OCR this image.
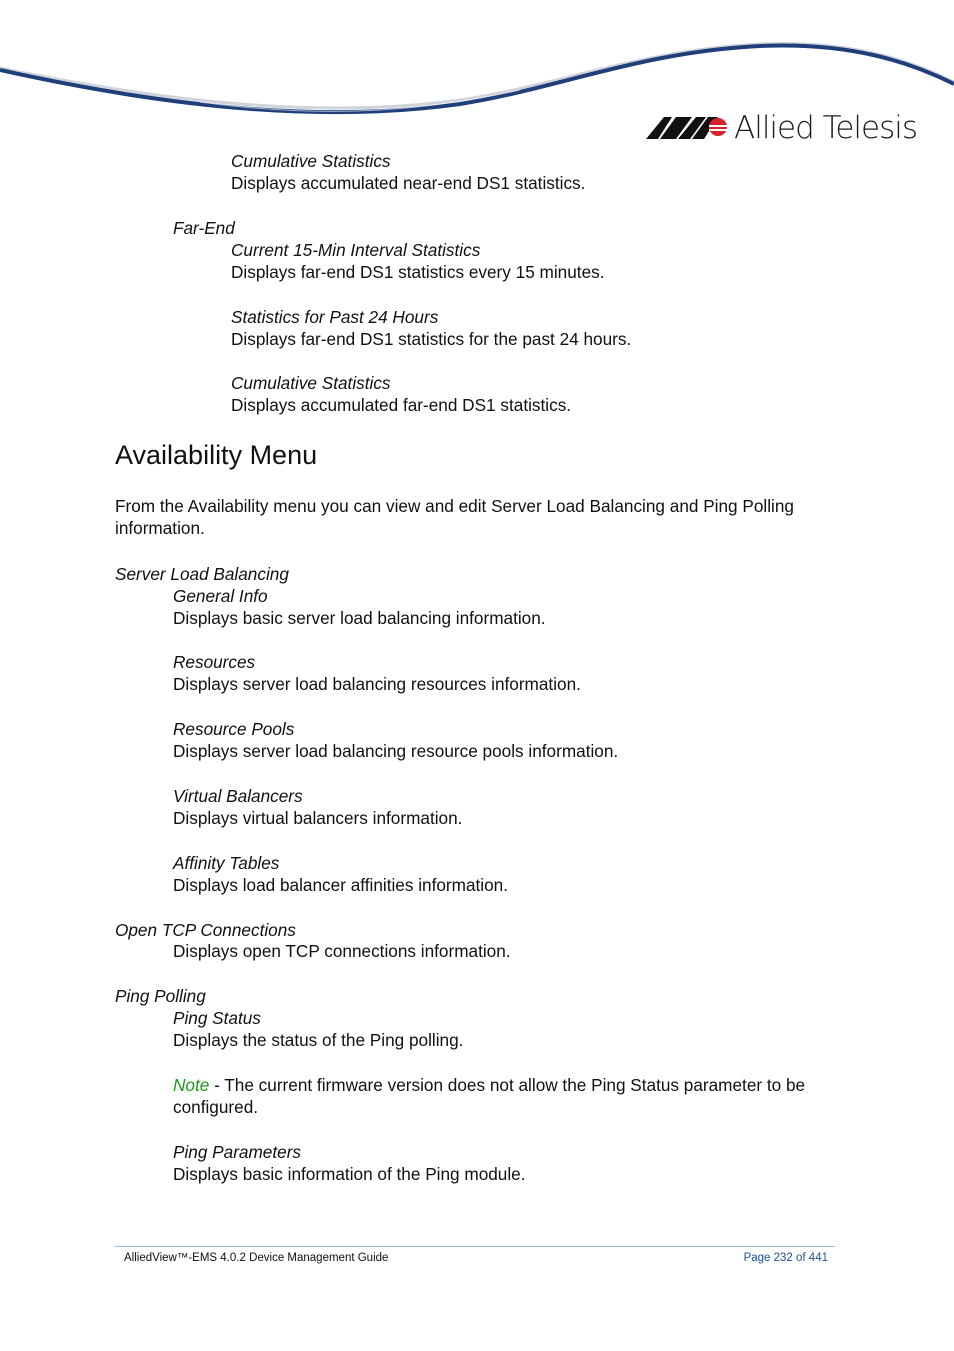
Allied Telesis
Cumulative Statistics
Displays accumulated near-end DS1 statistics.
Far-End
Current 15-Min Interval Statistics
Displays far-end DS1 statistics every 15 minutes.
Statistics for Past 24 Hours
Displays far-end DS1 statistics for the past 24 hours.
Cumulative Statistics
Displays accumulated far-end DS1 statistics.
Availability Menu
From the Availability menu you can view and edit Server Load Balancing and Ping Polling information.
Server Load Balancing
General Info
Displays basic server load balancing information.
Resources
Displays server load balancing resources information.
Resource Pools
Displays server load balancing resource pools information.
Virtual Balancers
Displays virtual balancers information.
Affinity Tables
Displays load balancer affinities information.
Open TCP Connections
Displays open TCP connections information.
Ping Polling
Ping Status
Displays the status of the Ping polling.
Note - The current firmware version does not allow the Ping Status parameter to be configured.
Ping Parameters
Displays basic information of the Ping module.
AlliedView™-EMS 4.0.2 Device Management Guide	Page 232 of 441
